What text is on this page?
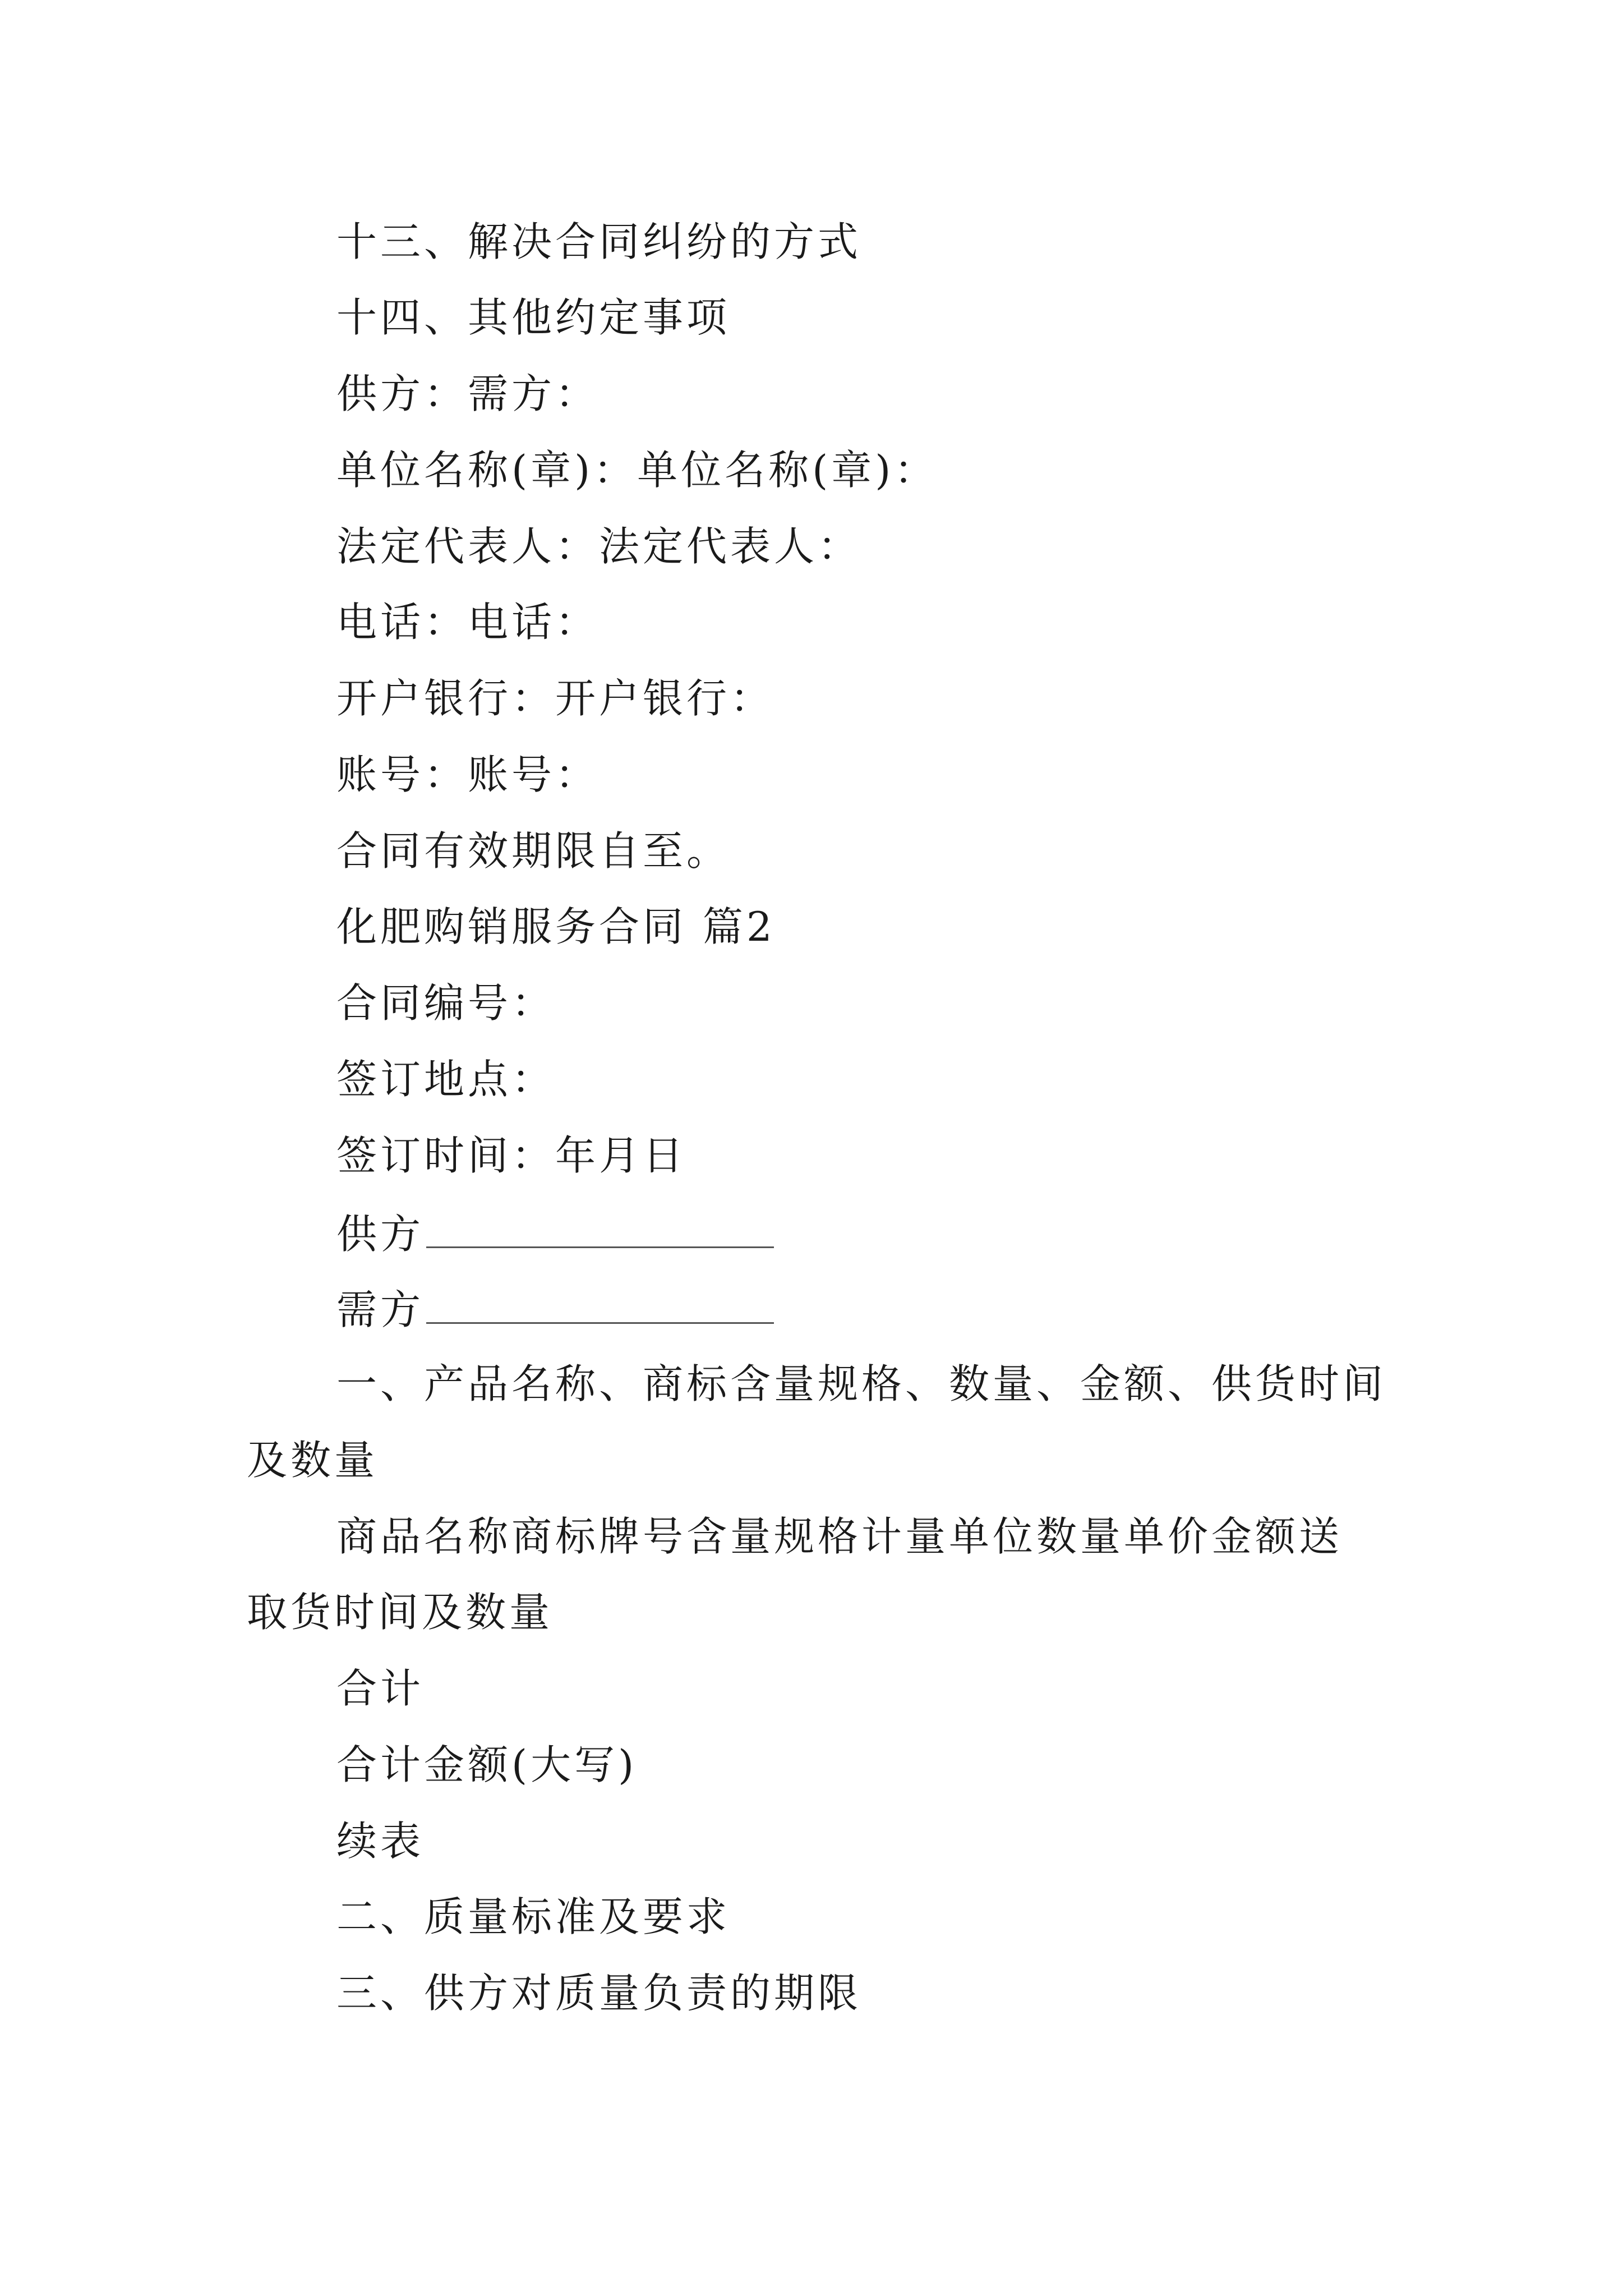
十三、解决合同纠纷的方式
十四、其他约定事项
供方：需方：
单位名称(章)：单位名称(章)：
法定代表人：法定代表人：
电话：电话：
开户银行：开户银行：
账号：账号：
合同有效期限自至。
化肥购销服务合同 篇2
合同编号：
签订地点：
签订时间：年月日
供方
需方
一、产品名称、商标含量规格、数量、金额、供货时间
及数量
商品名称商标牌号含量规格计量单位数量单价金额送
取货时间及数量
合计
合计金额(大写)
续表
二、质量标准及要求
三、供方对质量负责的期限
